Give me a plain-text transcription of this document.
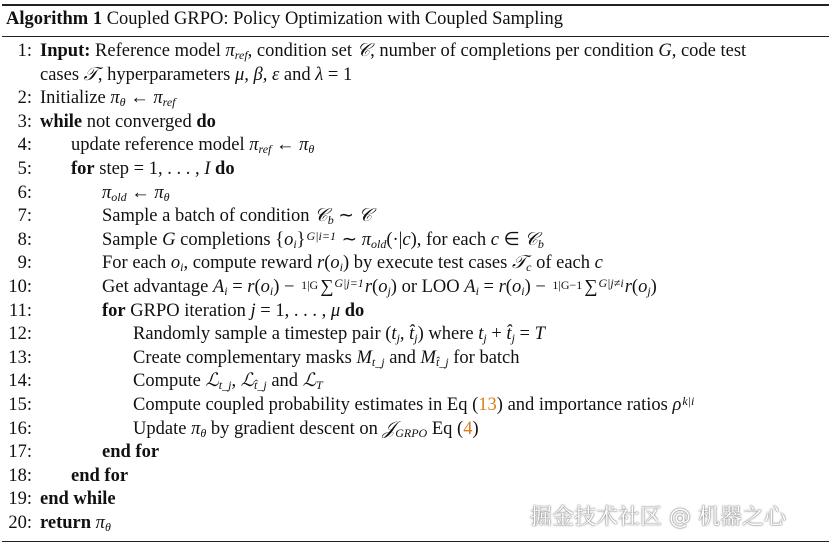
Algorithm 1 Coupled GRPO: Policy Optimization with Coupled Sampling
1: Input: Reference model $\pi_{ref}$, condition set 𝒞, number of completions per condition G, code test
cases 𝒯, hyperparameters μ, β, ε and λ = 1
2: Initialize $\pi_\theta$ ← $\pi_{ref}$
3: while not converged do
4: update reference model $\pi_{ref}$ ← $\pi_\theta$
5: for step = 1, . . . , I do
6:	$\pi_{old}$ ← $\pi_\theta$
7:	Sample a batch of condition 𝒞$_b$ ∼ 𝒞
8:	Sample G completions $\{o_i\}^{G|i=1}$ ∼ $\pi_{old}(\cdot|c)$, for each c ∈ 𝒞$_b$
9:	For each $o_i$, compute reward $r(o_i)$ by execute test cases 𝒯$_c$ of each c
10:	Get advantage $A_i = r(o_i) - 1|G$ $\sum^{G|j=1}r(o_j)$ or LOO $A_i = r(o_i) - 1|G-1$ $\sum^{G|j\ne i}r(o_j)$
11:	for GRPO iteration j = 1, . . . , μ do
12:	Randomly sample a timestep pair ($t_j$, $t̂_j$) where $t_j$ + $t̂_j = T$
13:	Create complementary masks $M_{t\_j}$ and $M_{t̂\_j}$ for batch
14:	Compute ℒ$_{t\_j}$, ℒ$_{t̂\_j}$ and ℒ$_T$
15:	Compute coupled probability estimates in Eq (13) and importance ratios $\rho^{k|i}$
16:	Update $\pi_\theta$ by gradient descent on 𝒥$_{GRPO}$ Eq (4)
17:	end for
18: end for
19: end while
20: return $\pi_\theta$	掘金技术社区 @ 机器之心
